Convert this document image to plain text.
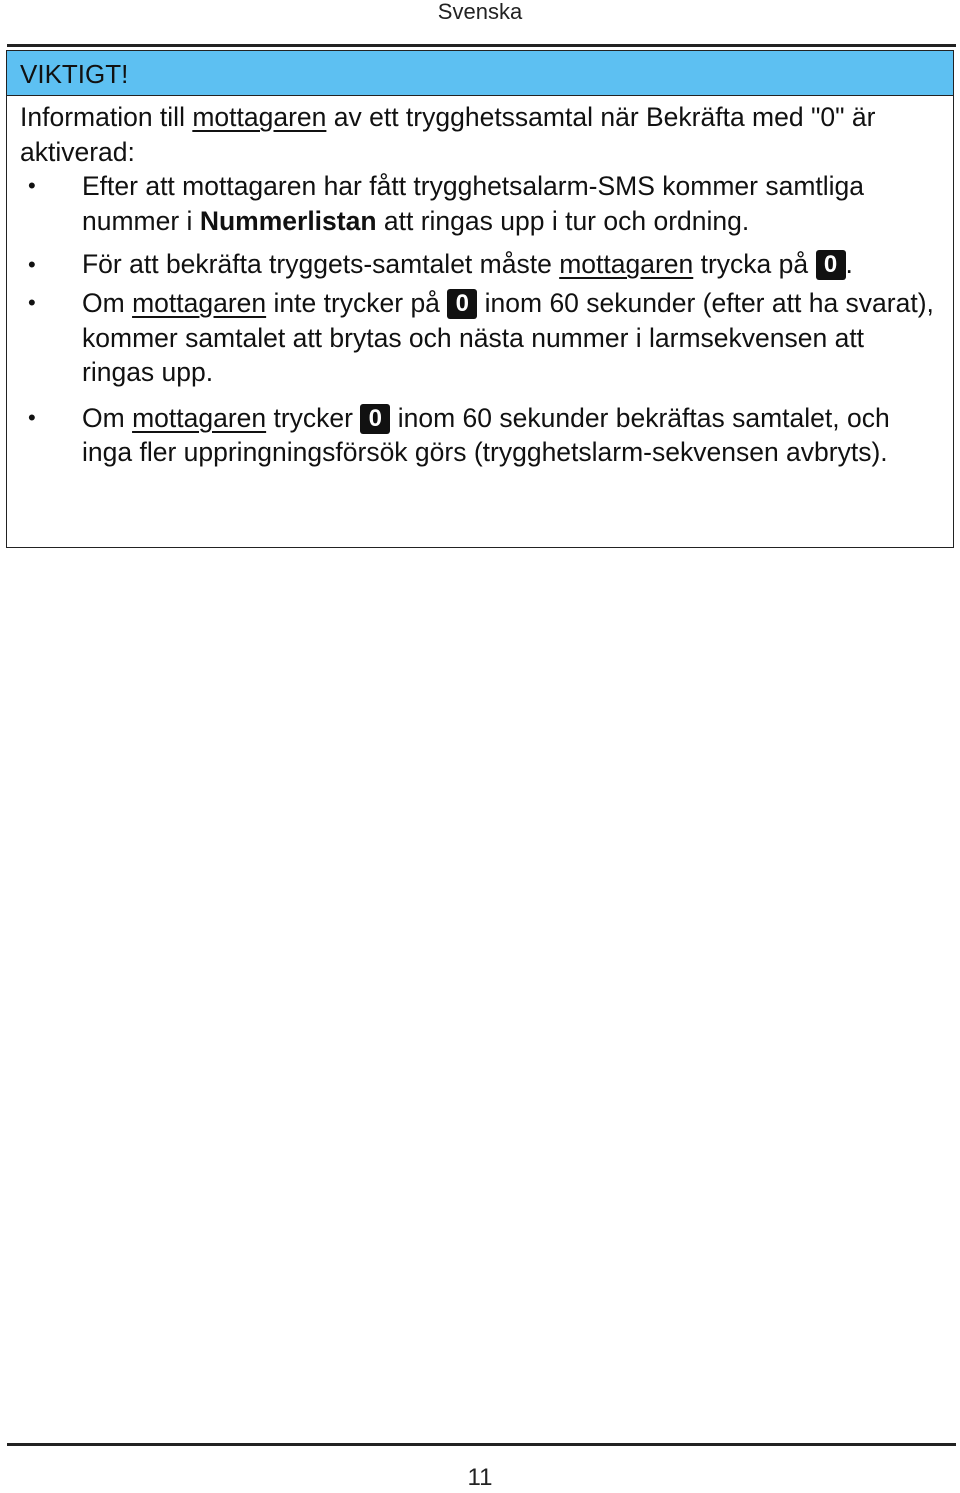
Svenska
VIKTIGT!
Information till mottagaren av ett trygghetssamtal när Bekräfta med "0" är aktiverad:
• Efter att mottagaren har fått trygghetsalarm-SMS kommer samtliga nummer i Nummerlistan att ringas upp i tur och ordning.
• För att bekräfta tryggets-samtalet måste mottagaren trycka på 0 .
• Om mottagaren inte trycker på 0 inom 60 sekunder (efter att ha svarat), kommer samtalet att brytas och nästa nummer i larmsekvensen att ringas upp.
• Om mottagaren trycker 0 inom 60 sekunder bekräftas samtalet, och inga fler uppringningsförsök görs (trygghetslarm-sekvensen avbryts).
11
